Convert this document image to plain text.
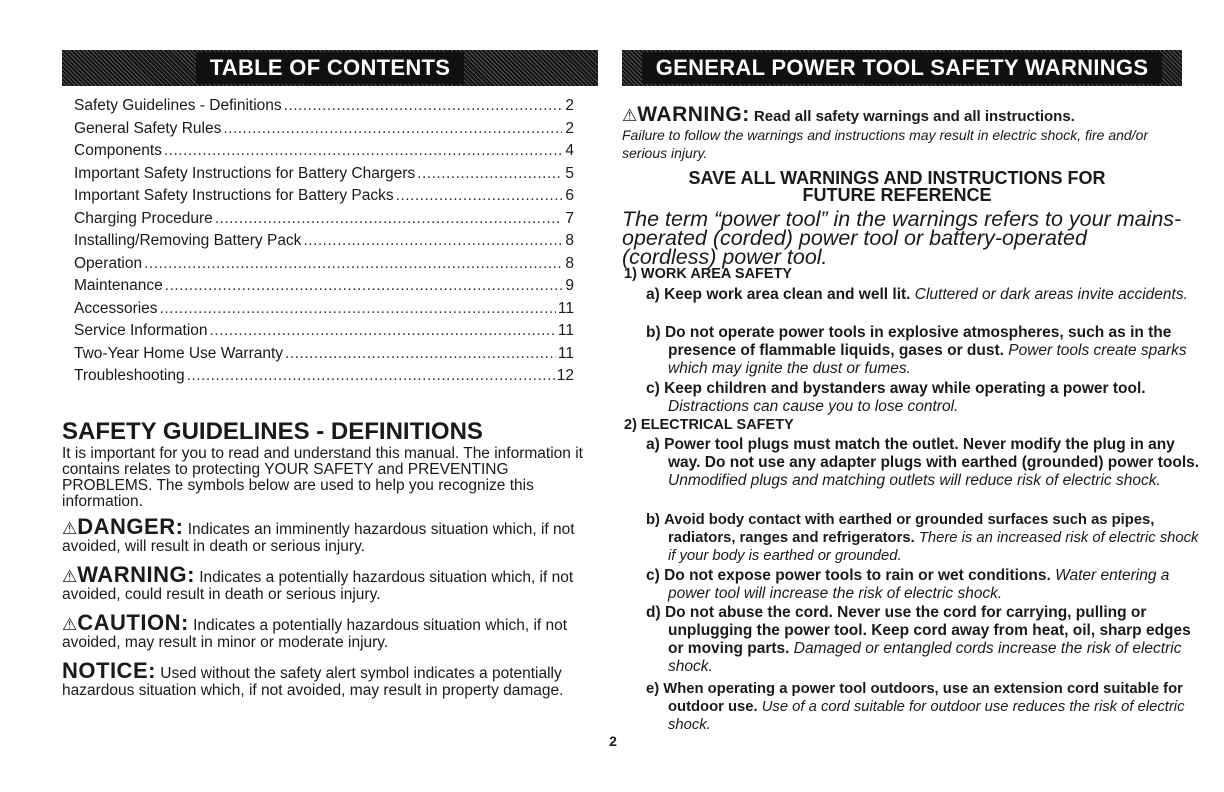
TABLE OF CONTENTS
Safety Guidelines - Definitions .....	2
General Safety Rules .....	2
Components .....	4
Important Safety Instructions for Battery Chargers .....	5
Important Safety Instructions for Battery Packs .....	6
Charging Procedure .....	7
Installing/Removing Battery Pack .....	8
Operation .....	8
Maintenance .....	9
Accessories .....	11
Service Information .....	11
Two-Year Home Use Warranty .....	11
Troubleshooting .....	12
SAFETY GUIDELINES - DEFINITIONS

It is important for you to read and understand this manual. The information it contains relates to protecting YOUR SAFETY and PREVENTING PROBLEMS. The symbols below are used to help you recognize this information.

⚠DANGER: Indicates an imminently hazardous situation which, if not avoided, will result in death or serious injury.

⚠WARNING: Indicates a potentially hazardous situation which, if not avoided, could result in death or serious injury.

⚠CAUTION: Indicates a potentially hazardous situation which, if not avoided, may result in minor or moderate injury.

NOTICE: Used without the safety alert symbol indicates a potentially hazardous situation which, if not avoided, may result in property damage.

2
GENERAL POWER TOOL SAFETY WARNINGS

⚠WARNING: Read all safety warnings and all instructions.

Failure to follow the warnings and instructions may result in electric shock, fire and/or serious injury.

SAVE ALL WARNINGS AND INSTRUCTIONS FOR
FUTURE REFERENCE

The term “power tool” in the warnings refers to your mains-operated (corded) power tool or battery-operated (cordless) power tool.

1) WORK AREA SAFETY

a) Keep work area clean and well lit. Cluttered or dark areas invite accidents.

b) Do not operate power tools in explosive atmospheres, such as in the presence of flammable liquids, gases or dust. Power tools create sparks which may ignite the dust or fumes.

c) Keep children and bystanders away while operating a power tool. Distractions can cause you to lose control.

2) ELECTRICAL SAFETY

a) Power tool plugs must match the outlet. Never modify the plug in any way. Do not use any adapter plugs with earthed (grounded) power tools. Unmodified plugs and matching outlets will reduce risk of electric shock.

b) Avoid body contact with earthed or grounded surfaces such as pipes, radiators, ranges and refrigerators. There is an increased risk of electric shock if your body is earthed or grounded.

c) Do not expose power tools to rain or wet conditions. Water entering a power tool will increase the risk of electric shock.

d) Do not abuse the cord. Never use the cord for carrying, pulling or unplugging the power tool. Keep cord away from heat, oil, sharp edges or moving parts. Damaged or entangled cords increase the risk of electric shock.

e) When operating a power tool outdoors, use an extension cord suitable for outdoor use. Use of a cord suitable for outdoor use reduces the risk of electric shock.
